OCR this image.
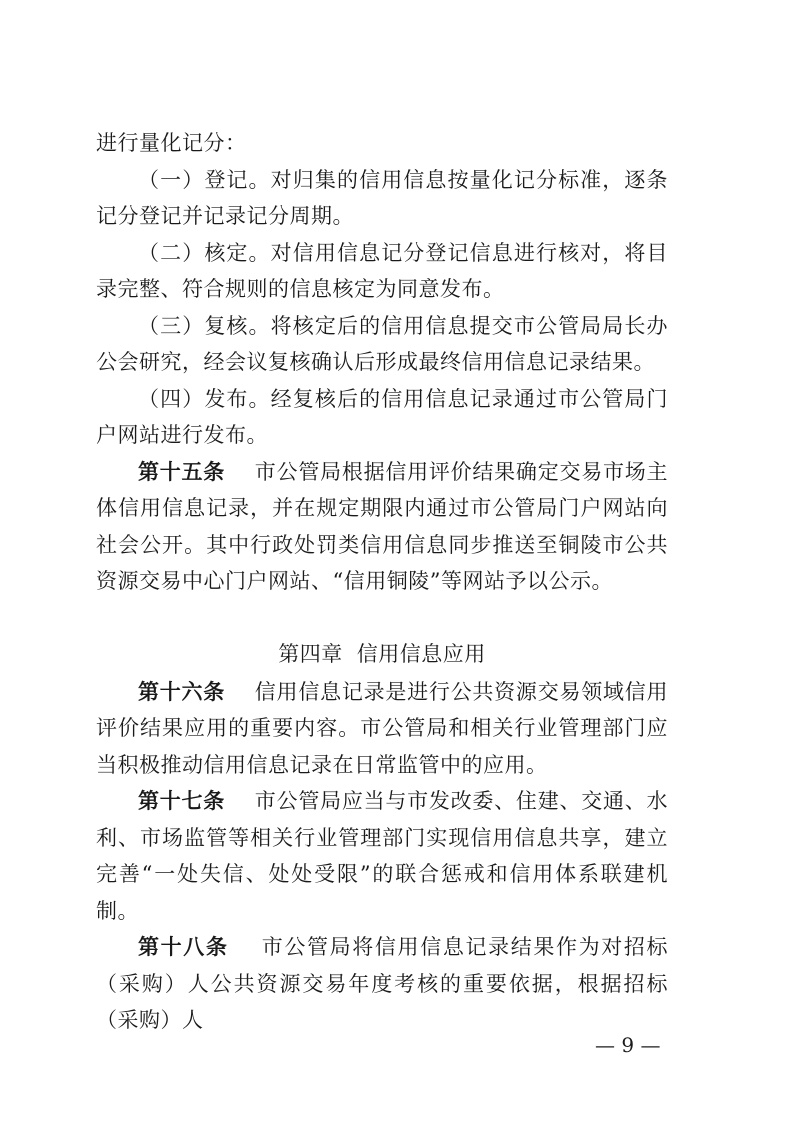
进行量化记分：

（一）登记。对归集的信用信息按量化记分标准，逐条记分登记并记录记分周期。

（二）核定。对信用信息记分登记信息进行核对，将目录完整、符合规则的信息核定为同意发布。

（三）复核。将核定后的信用信息提交市公管局局长办公会研究，经会议复核确认后形成最终信用信息记录结果。

（四）发布。经复核后的信用信息记录通过市公管局门户网站进行发布。

第十五条 市公管局根据信用评价结果确定交易市场主体信用信息记录，并在规定期限内通过市公管局门户网站向社会公开。其中行政处罚类信用信息同步推送至铜陵市公共资源交易中心门户网站、“信用铜陵”等网站予以公示。

第四章 信用信息应用

第十六条 信用信息记录是进行公共资源交易领域信用评价结果应用的重要内容。市公管局和相关行业管理部门应当积极推动信用信息记录在日常监管中的应用。

第十七条 市公管局应当与市发改委、住建、交通、水利、市场监管等相关行业管理部门实现信用信息共享，建立完善“一处失信、处处受限”的联合惩戒和信用体系联建机制。

第十八条 市公管局将信用信息记录结果作为对招标（采购）人公共资源交易年度考核的重要依据，根据招标（采购）人

— 9 —
